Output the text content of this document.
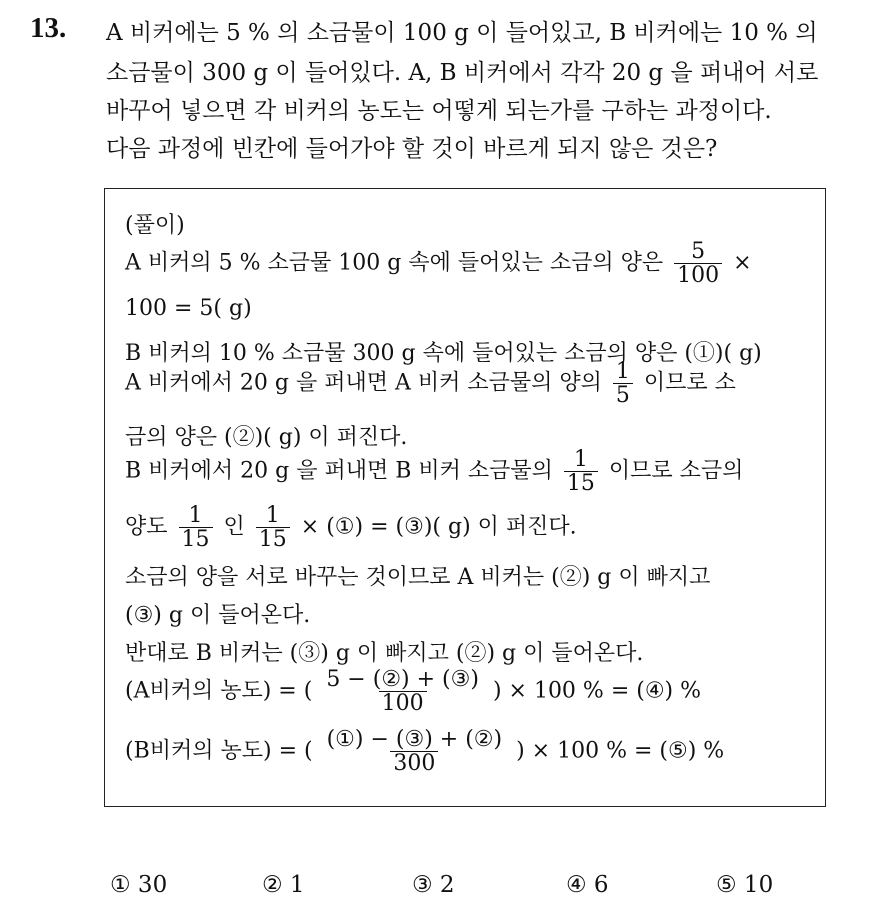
13. A 비커에는 5 % 의 소금물이 100 g 이 들어있고, B 비커에는 10 % 의
소금물이 300 g 이 들어있다. A, B 비커에서 각각 20 g 을 퍼내어 서로
바꾸어 넣으면 각 비커의 농도는 어떻게 되는가를 구하는 과정이다.
다음 과정에 빈칸에 들어가야 할 것이 바르게 되지 않은 것은?
(풀이)
A 비커의 5 % 소금물 100 g 속에 들어있는 소금의 양은 $\frac{5}{100}$ ×
100 = 5( g)
B 비커의 10 % 소금물 300 g 속에 들어있는 소금의 양은 (①)( g)
A 비커에서 20 g 을 퍼내면 A 비커 소금물의 양의 $\frac{1}{5}$ 이므로 소
금의 양은 (②)( g) 이 퍼진다.
B 비커에서 20 g 을 퍼내면 B 비커 소금물의 $\frac{1}{15}$ 이므로 소금의
양도 $\frac{1}{15}$ 인 $\frac{1}{15}$ × (①) = (③)( g) 이 퍼진다.
소금의 양을 서로 바꾸는 것이므로 A 비커는 (②) g 이 빠지고
(③) g 이 들어온다.
반대로 B 비커는 (③) g 이 빠지고 (②) g 이 들어온다.
(A비커의 농도) = ( $\frac{\text{5 − (②) + (③)}}{100}$ ) × 100 % = (④) %
(B비커의 농도) = ( $\frac{\text{(①) − (③) + (②)}}{300}$ ) × 100 % = (⑤) %
① 30	② 1	③ 2	④ 6	⑤ 10
